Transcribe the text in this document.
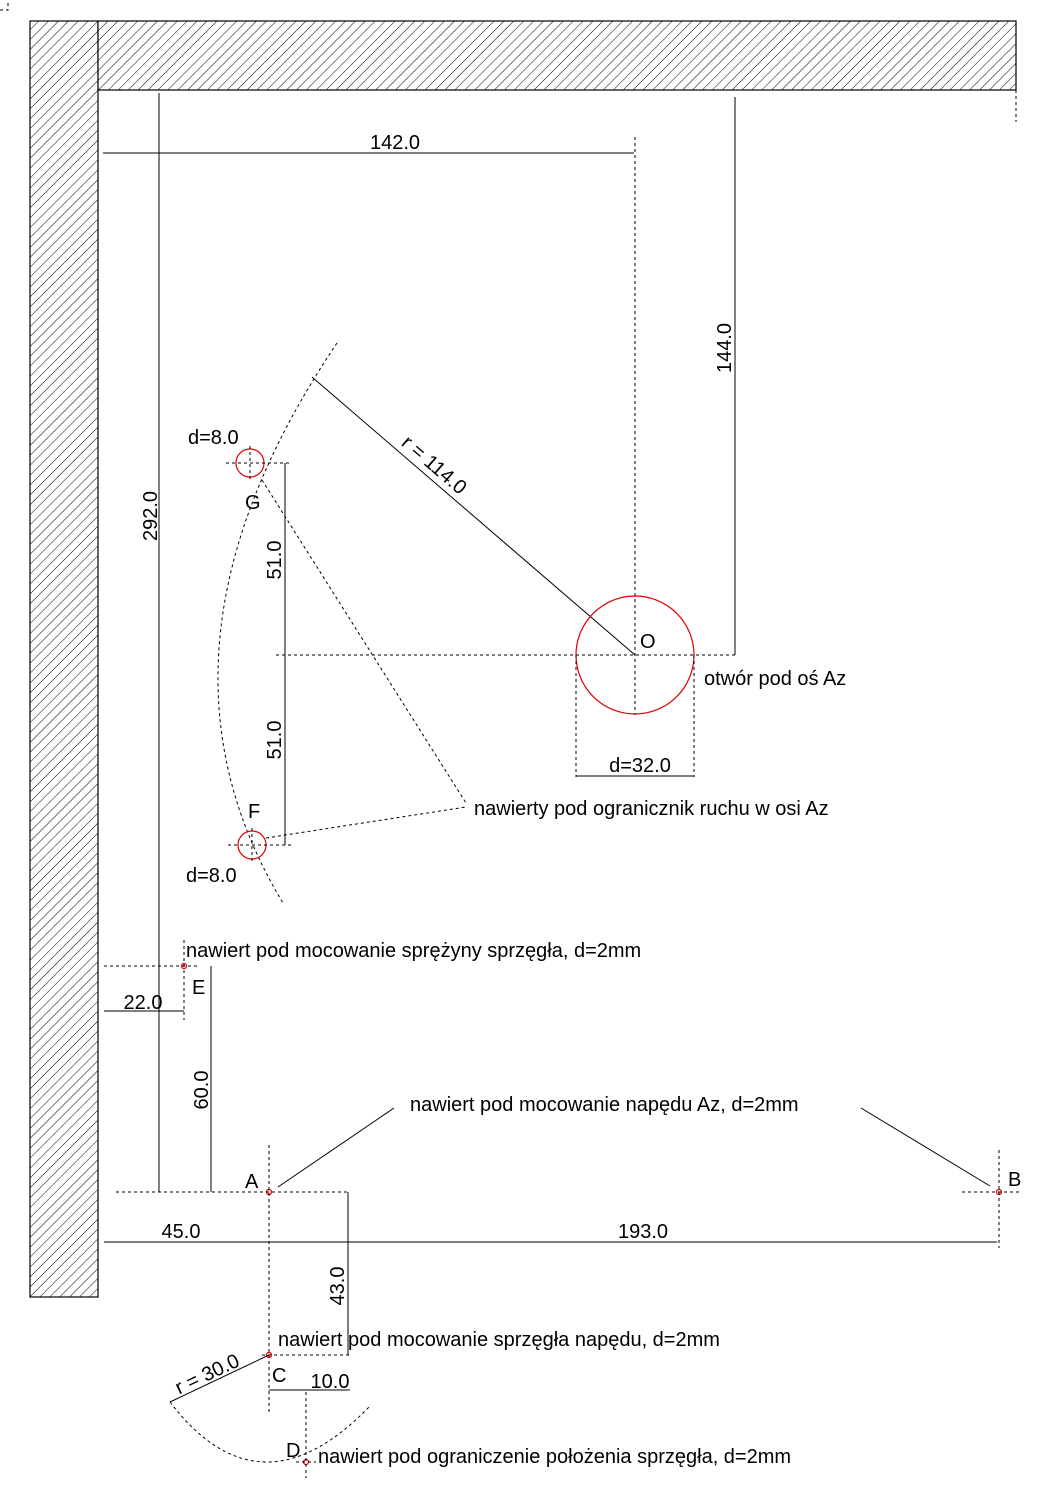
142.0
144.0
292.0
r = 114.0
O
otwór pod oś Az
d=32.0
d=8.0
G
F
d=8.0
51.0
51.0
nawierty pod ogranicznik ruchu w osi Az
nawiert pod mocowanie sprężyny sprzęgła, d=2mm
E
22.0
60.0	nawiert pod mocowanie napędu Az, d=2mm
A	B
45.0	193.0
43.0
nawiert pod mocowanie sprzęgła napędu, d=2mm
C
r = 30.0	10.0
D nawiert pod ograniczenie położenia sprzęgła, d=2mm
